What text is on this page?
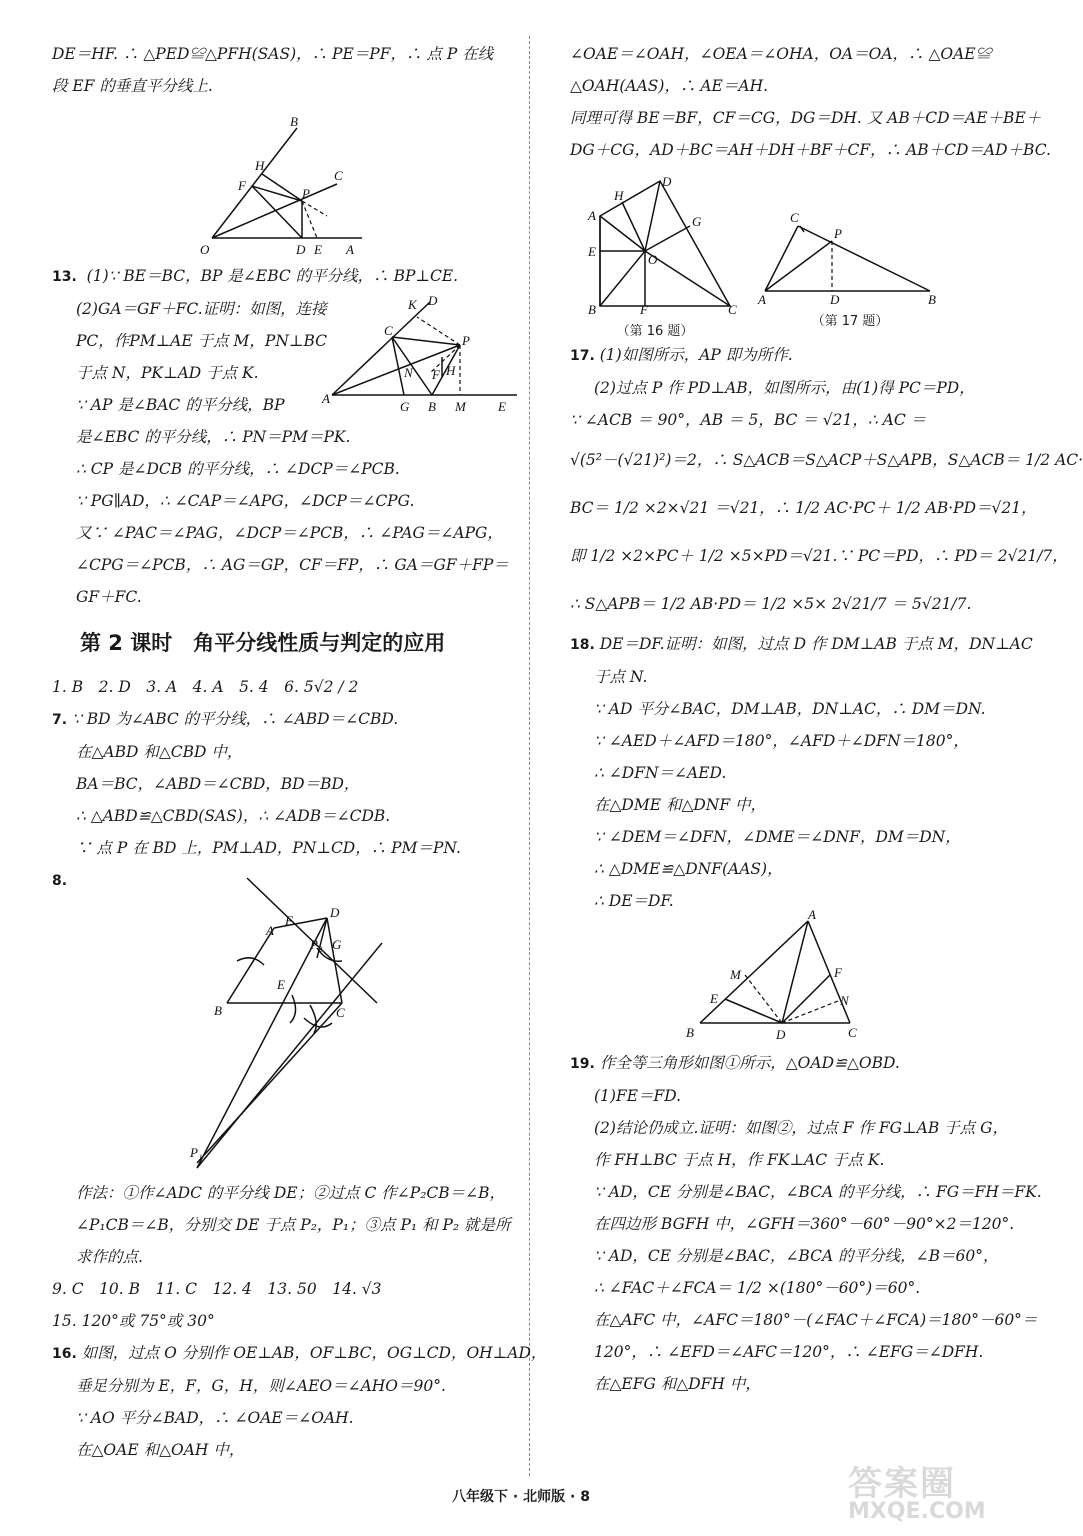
DE＝HF. ∴ △PED≌△PFH(SAS)，∴ PE＝PF，∴ 点 P 在线
段 EF 的垂直平分线上.
O	D E A
B
C
H
F
P
13. (1)∵ BE＝BC，BP 是∠EBC 的平分线，∴ BP⊥CE.
(2)GA＝GF＋FC.证明：如图，连接
PC，作PM⊥AE 于点 M，PN⊥BC
于点 N，PK⊥AD 于点 K.
∵ AP 是∠BAC 的平分线，BP	A
G B M E
C
K D
P
N F H
是∠EBC 的平分线，∴ PN＝PM＝PK.
∴ CP 是∠DCB 的平分线，∴ ∠DCP＝∠PCB.
∵ PG∥AD，∴ ∠CAP＝∠APG，∠DCP＝∠CPG.
又∵ ∠PAC＝∠PAG，∠DCP＝∠PCB，∴ ∠PAG＝∠APG，
∠CPG＝∠PCB，∴ AG＝GP，CF＝FP，∴ GA＝GF＋FP＝
GF＋FC.
第 2 课时　角平分线性质与判定的应用
1. B　2. D　3. A　4. A　5. 4　6. 5√2 / 2
7. ∵ BD 为∠ABC 的平分线，∴ ∠ABD＝∠CBD.
在△ABD 和△CBD 中，
BA＝BC，∠ABD＝∠CBD，BD＝BD，
∴ △ABD≌△CBD(SAS)，∴ ∠ADB＝∠CDB.
∵ 点 P 在 BD 上，PM⊥AD，PN⊥CD，∴ PM＝PN.
8.
A
F
D
G
P₂
E
B	C
P₁
作法：①作∠ADC 的平分线 DE；②过点 C 作∠P₂CB＝∠B，
∠P₁CB＝∠B，分别交 DE 于点 P₂，P₁；③点 P₁ 和 P₂ 就是所
求作的点.
9. C　10. B　11. C　12. 4　13. 50　14. √3
15. 120°或 75°或 30°
16. 如图，过点 O 分别作 OE⊥AB，OF⊥BC，OG⊥CD，OH⊥AD，
垂足分别为 E，F，G，H，则∠AEO＝∠AHO＝90°.
∵ AO 平分∠BAD，∴ ∠OAE＝∠OAH.
在△OAE 和△OAH 中，
∠OAE＝∠OAH，∠OEA＝∠OHA，OA＝OA，∴ △OAE≌
△OAH(AAS)，∴ AE＝AH.
同理可得 BE＝BF，CF＝CG，DG＝DH. 又 AB＋CD＝AE＋BE＋
DG＋CG，AD＋BC＝AH＋DH＋BF＋CF，∴ AB＋CD＝AD＋BC.
A
E
B	F	C
D
G
H
O
（第 16 题）
A	D	B
C
P
（第 17 题）
17. (1)如图所示，AP 即为所作.
(2)过点 P 作 PD⊥AB，如图所示，由(1)得 PC＝PD，
∵ ∠ACB ＝ 90°，AB ＝ 5，BC ＝ √21，∴ AC ＝
√(5²－(√21)²)＝2，∴ S△ACB＝S△ACP＋S△APB，S△ACB＝ 1/2 AC·
BC＝ 1/2 ×2×√21 ＝√21，∴ 1/2 AC·PC＋ 1/2 AB·PD＝√21，
即 1/2 ×2×PC＋ 1/2 ×5×PD＝√21.∵ PC＝PD，∴ PD＝ 2√21/7，
∴ S△APB＝ 1/2 AB·PD＝ 1/2 ×5× 2√21/7 ＝ 5√21/7.
18. DE＝DF.证明：如图，过点 D 作 DM⊥AB 于点 M，DN⊥AC
于点 N.
∵ AD 平分∠BAC，DM⊥AB，DN⊥AC，∴ DM＝DN.
∵ ∠AED＋∠AFD＝180°，∠AFD＋∠DFN＝180°，
∴ ∠DFN＝∠AED.
在△DME 和△DNF 中，
∵ ∠DEM＝∠DFN，∠DME＝∠DNF，DM＝DN，
∴ △DME≌△DNF(AAS)，
∴ DE＝DF.
A
B	D	C
M
E
F
N
19. 作全等三角形如图①所示，△OAD≌△OBD.
(1)FE＝FD.
(2)结论仍成立.证明：如图②，过点 F 作 FG⊥AB 于点 G，
作 FH⊥BC 于点 H，作 FK⊥AC 于点 K.
∵ AD，CE 分别是∠BAC，∠BCA 的平分线，∴ FG＝FH＝FK.
在四边形 BGFH 中，∠GFH＝360°－60°－90°×2＝120°.
∵ AD，CE 分别是∠BAC，∠BCA 的平分线，∠B＝60°，
∴ ∠FAC＋∠FCA＝ 1/2 ×(180°－60°)＝60°.
在△AFC 中，∠AFC＝180°－(∠FAC＋∠FCA)＝180°－60°＝
120°，∴ ∠EFD＝∠AFC＝120°，∴ ∠EFG＝∠DFH.
在△EFG 和△DFH 中，
八年级下 · 北师版 · 8	答案圈
MXQE.COM
